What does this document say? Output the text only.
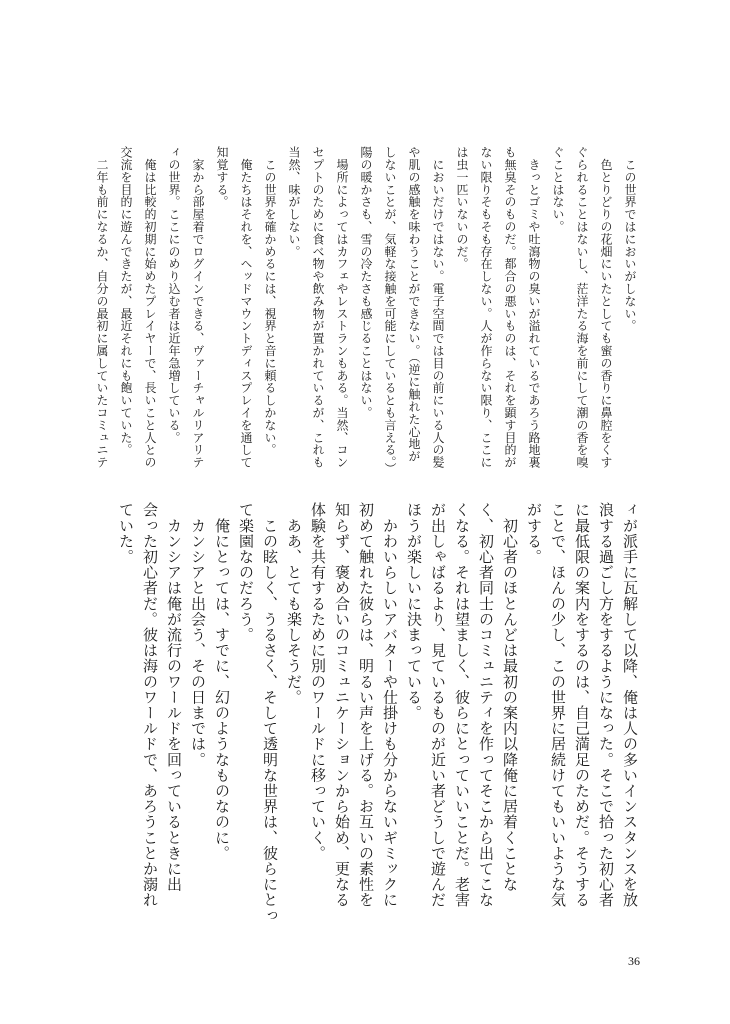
　この世界ではにおいがしない。
　色とりどりの花畑にいたとしても蜜の香りに鼻腔をくす
ぐられることはないし、茫洋たる海を前にして潮の香を嗅
ぐことはない。
　きっとゴミや吐瀉物の臭いが溢れているであろう路地裏
も無臭そのものだ。都合の悪いものは、それを顕す目的が
ない限りそもそも存在しない。人が作らない限り、ここに
は虫一匹いないのだ。
　においだけではない。電子空間では目の前にいる人の髪
や肌の感触を味わうことができない。（逆に触れた心地が
しないことが、気軽な接触を可能にしているとも言える。）
陽の暖かさも、雪の冷たさも感じることはない。
　場所によってはカフェやレストランもある。当然、コン
セプトのために食べ物や飲み物が置かれているが、これも
当然、味がしない。
　この世界を確かめるには、視界と音に頼るしかない。
　俺たちはそれを、ヘッドマウントディスプレイを通して
知覚する。
　家から部屋着でログインできる、ヴァーチャルリアリテ
ィの世界。ここにのめり込む者は近年急増している。
　俺は比較的初期に始めたプレイヤーで、長いこと人との
交流を目的に遊んできたが、最近それにも飽いていた。
　二年も前になるか、自分の最初に属していたコミュニテ
ィが派手に瓦解して以降、俺は人の多いインスタンスを放
浪する過ごし方をするようになった。そこで拾った初心者
に最低限の案内をするのは、自己満足のためだ。そうする
ことで、ほんの少し、この世界に居続けてもいいような気
がする。
　初心者のほとんどは最初の案内以降俺に居着くことな
く、初心者同士のコミュニティを作ってそこから出てこな
くなる。それは望ましく、彼らにとっていいことだ。老害
が出しゃばるより、見ているものが近い者どうしで遊んだ
ほうが楽しいに決まっている。
　かわいらしいアバターや仕掛けも分からないギミックに
初めて触れた彼らは、明るい声を上げる。お互いの素性を
知らず、褒め合いのコミュニケーションから始め、更なる
体験を共有するために別のワールドに移っていく。
　ああ、とても楽しそうだ。
　この眩しく、うるさく、そして透明な世界は、彼らにとっ
て楽園なのだろう。
　俺にとっては、すでに、幻のようなものなのに。
　カンシアと出会う、その日までは。
　カンシアは俺が流行のワールドを回っているときに出
会った初心者だ。彼は海のワールドで、あろうことか溺れ
ていた。
36
